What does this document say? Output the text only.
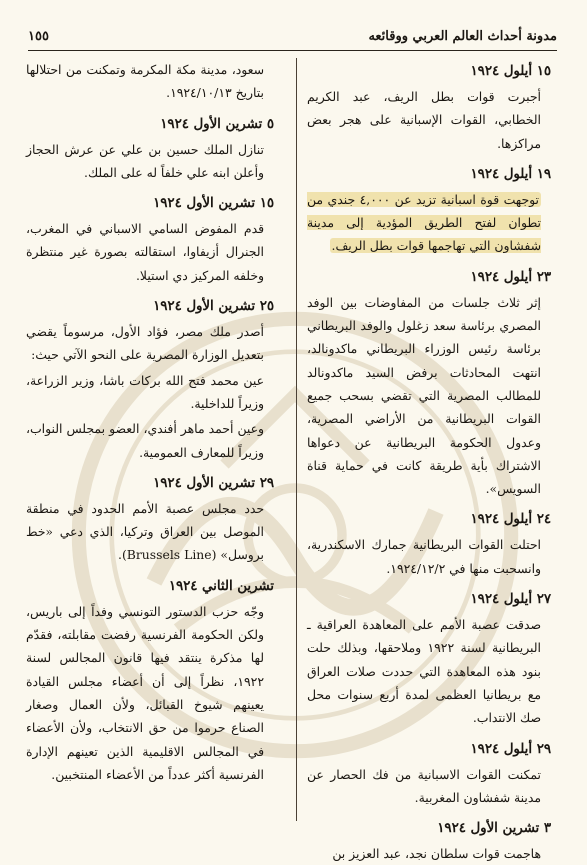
مدونة أحداث العالم العربي ووقائعه
١٥٥
١٥ أيلول ١٩٢٤
أجبرت قوات بطل الريف، عبد الكريم الخطابي، القوات الإسبانية على هجر بعض مراكزها.
١٩ أيلول ١٩٢٤
توجهت قوة اسبانية تزيد عن ٤,٠٠٠ جندي من تطوان لفتح الطريق المؤدية إلى مدينة شفشاون التي تهاجمها قوات بطل الريف.
٢٣ أيلول ١٩٢٤
إثر ثلاث جلسات من المفاوضات بين الوفد المصري برئاسة سعد زغلول والوفد البريطاني برئاسة رئيس الوزراء البريطاني ماكدونالد، انتهت المحادثات برفض السيد ماكدونالد للمطالب المصرية التي تقضي بسحب جميع القوات البريطانية من الأراضي المصرية، وعدول الحكومة البريطانية عن دعواها الاشتراك بأية طريقة كانت في حماية قناة السويس».
٢٤ أيلول ١٩٢٤
احتلت القوات البريطانية جمارك الاسكندرية، وانسحبت منها في ١٩٢٤/١٢/٢.
٢٧ أيلول ١٩٢٤
صدقت عصبة الأمم على المعاهدة العراقية ـ البريطانية لسنة ١٩٢٢ وملاحقها، وبذلك حلت بنود هذه المعاهدة التي حددت صلات العراق مع بريطانيا العظمى لمدة أربع سنوات محل صك الانتداب.
٢٩ أيلول ١٩٢٤
تمكنت القوات الاسبانية من فك الحصار عن مدينة شفشاون المغربية.
٣ تشرين الأول ١٩٢٤
هاجمت قوات سلطان نجد، عبد العزيز بن
سعود، مدينة مكة المكرمة وتمكنت من احتلالها بتاريخ ١٩٢٤/١٠/١٣.
٥ تشرين الأول ١٩٢٤
تنازل الملك حسين بن علي عن عرش الحجاز وأعلن ابنه علي خلفاً له على الملك.
١٥ تشرين الأول ١٩٢٤
قدم المفوض السامي الاسباني في المغرب، الجنرال أزيفاوا، استقالته بصورة غير منتظرة وخلفه المركيز دي استيلا.
٢٥ تشرين الأول ١٩٢٤
أصدر ملك مصر، فؤاد الأول، مرسوماً يقضي بتعديل الوزارة المصرية على النحو الآتي حيث:
عين محمد فتح الله بركات باشا، وزير الزراعة، وزيراً للداخلية.
وعين أحمد ماهر أفندي، العضو بمجلس النواب، وزيراً للمعارف العمومية.
٢٩ تشرين الأول ١٩٢٤
حدد مجلس عصبة الأمم الحدود في منطقة الموصل بين العراق وتركيا، الذي دعي «خط بروسل» (Brussels Line).
تشرين الثاني ١٩٢٤
وجّه حزب الدستور التونسي وفداً إلى باريس، ولكن الحكومة الفرنسية رفضت مقابلته، فقدّم لها مذكرة ينتقد فيها قانون المجالس لسنة ١٩٢٢، نظراً إلى أن أعضاء مجلس القيادة يعينهم شيوخ القبائل، ولأن العمال وصغار الصناع حرموا من حق الانتخاب، ولأن الأعضاء في المجالس الاقليمية الذين تعينهم الإدارة الفرنسية أكثر عدداً من الأعضاء المنتخبين.
